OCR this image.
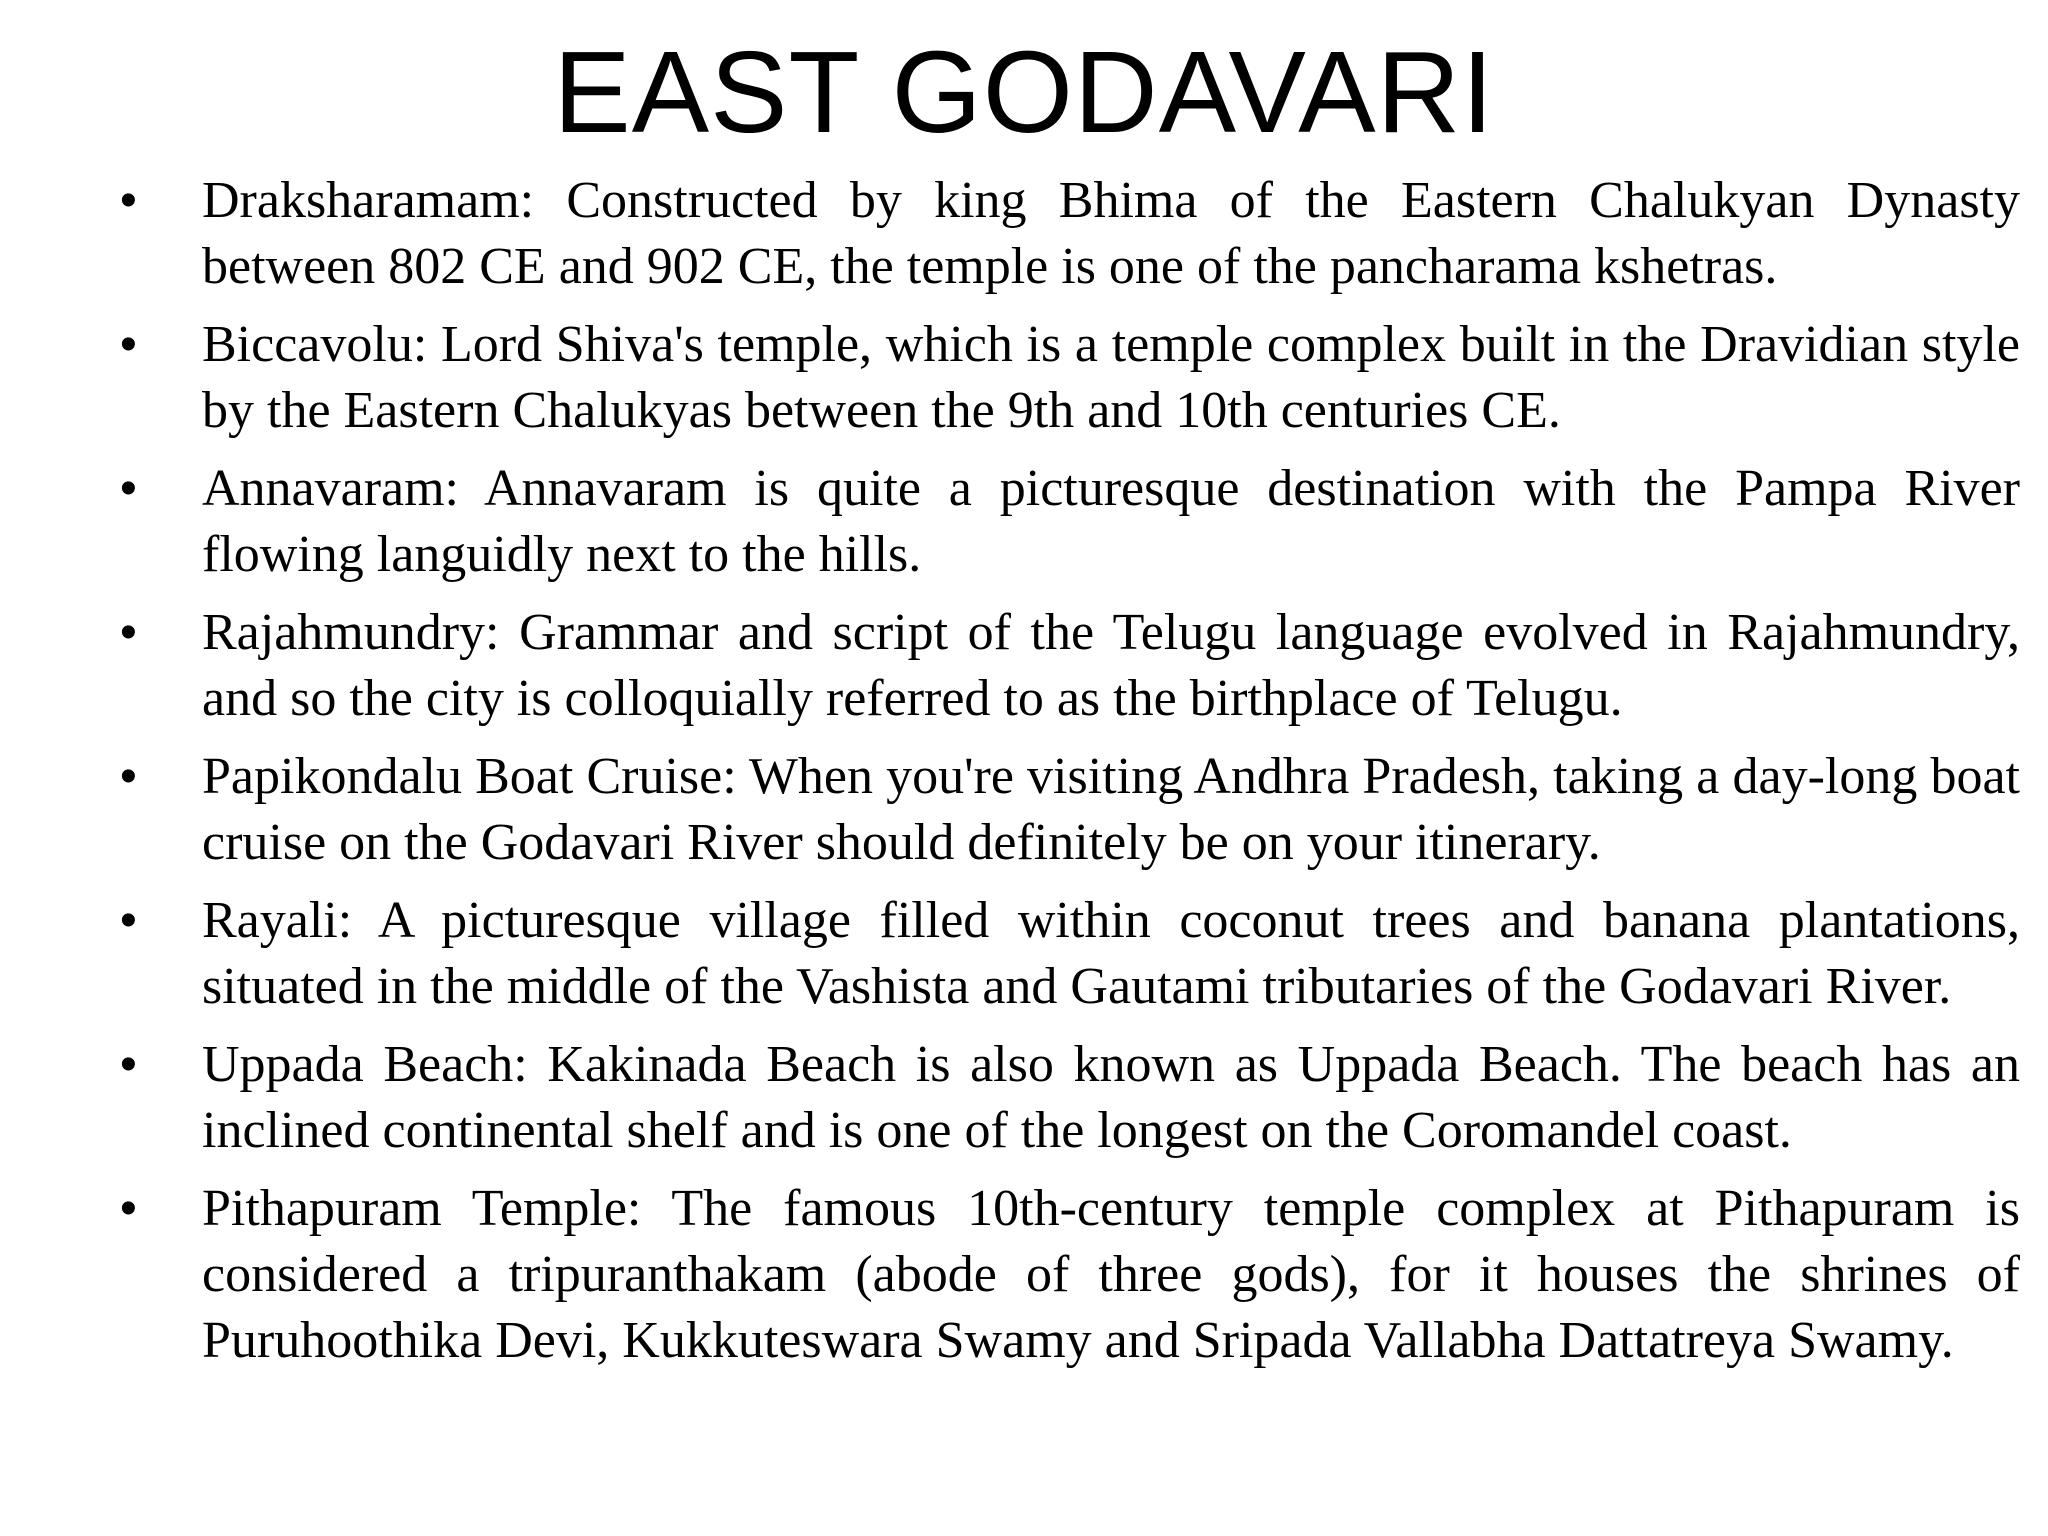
EAST GODAVARI
•	Draksharamam: Constructed by king Bhima of the Eastern Chalukyan Dynasty between 802 CE and 902 CE, the temple is one of the pancharama kshetras.
•	Biccavolu: Lord Shiva's temple, which is a temple complex built in the Dravidian style by the Eastern Chalukyas between the 9th and 10th centuries CE.
•	Annavaram: Annavaram is quite a picturesque destination with the Pampa River flowing languidly next to the hills.
•	Rajahmundry: Grammar and script of the Telugu language evolved in Rajahmundry, and so the city is colloquially referred to as the birthplace of Telugu.
•	Papikondalu Boat Cruise: When you're visiting Andhra Pradesh, taking a day-long boat cruise on the Godavari River should definitely be on your itinerary.
•	Rayali: A picturesque village filled within coconut trees and banana plantations, situated in the middle of the Vashista and Gautami tributaries of the Godavari River.
•	Uppada Beach: Kakinada Beach is also known as Uppada Beach. The beach has an inclined continental shelf and is one of the longest on the Coromandel coast.
•	Pithapuram Temple: The famous 10th-century temple complex at Pithapuram is considered a tripuranthakam (abode of three gods), for it houses the shrines of Puruhoothika Devi, Kukkuteswara Swamy and Sripada Vallabha Dattatreya Swamy.
